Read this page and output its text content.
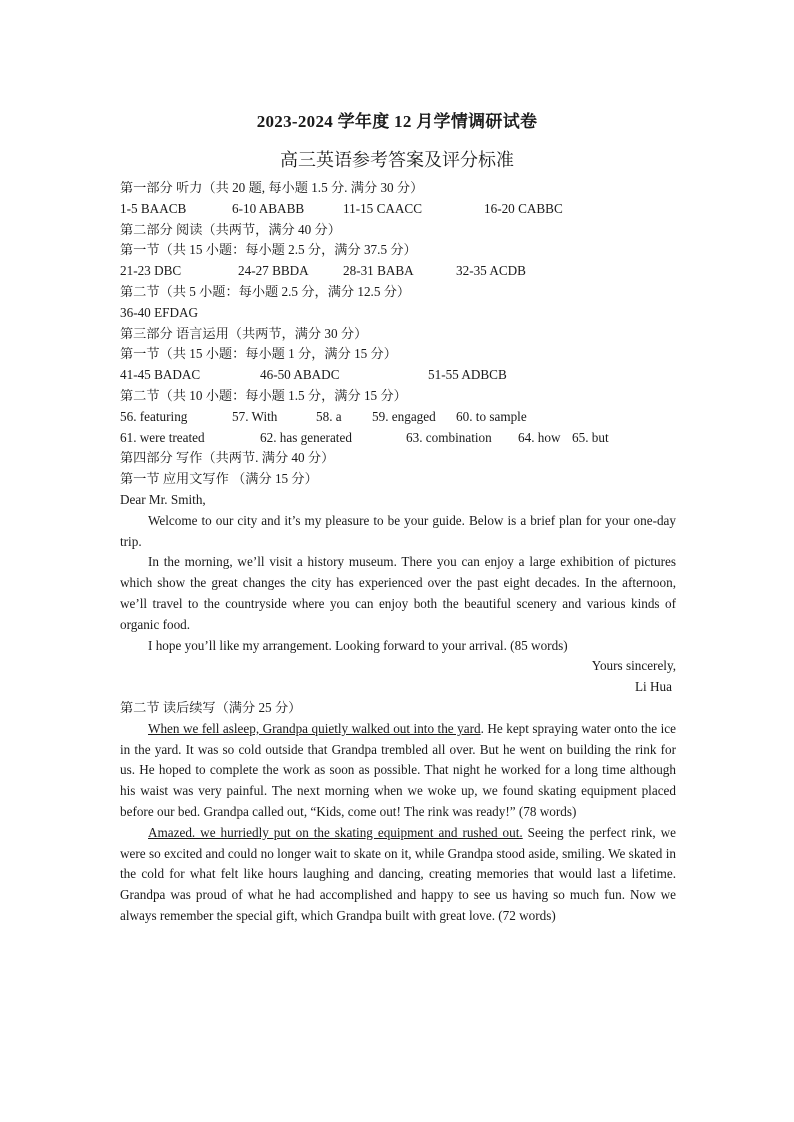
2023-2024 学年度 12 月学情调研试卷
高三英语参考答案及评分标准
第一部分 听力（共 20 题, 每小题 1.5 分. 满分 30 分）
1-5 BAACB	6-10 ABABB	11-15 CAACC	16-20 CABBC
第二部分 阅读（共两节，满分 40 分）
第一节（共 15 小题：每小题 2.5 分，满分 37.5 分）
21-23 DBC	24-27 BBDA	28-31 BABA	32-35 ACDB
第二节（共 5 小题：每小题 2.5 分，满分 12.5 分）
36-40 EFDAG
第三部分 语言运用（共两节，满分 30 分）
第一节（共 15 小题：每小题 1 分，满分 15 分）
41-45 BADAC	46-50 ABADC	51-55 ADBCB
第二节（共 10 小题：每小题 1.5 分，满分 15 分）
56. featuring	57. With	58. a 59. engaged 60. to sample
61. were treated	62. has generated	63. combination 64. how 65. but
第四部分 写作（共两节. 满分 40 分）
第一节 应用文写作 （满分 15 分）
Dear Mr. Smith,

Welcome to our city and it’s my pleasure to be your guide. Below is a brief plan for your one-day trip.

In the morning, we’ll visit a history museum. There you can enjoy a large exhibition of pictures which show the great changes the city has experienced over the past eight decades. In the afternoon, we’ll travel to the countryside where you can enjoy both the beautiful scenery and various kinds of organic food.

I hope you’ll like my arrangement. Looking forward to your arrival. (85 words)

Yours sincerely,
Li Hua
第二节 读后续写（满分 25 分）

When we fell asleep, Grandpa quietly walked out into the yard. He kept spraying water onto the ice in the yard. It was so cold outside that Grandpa trembled all over. But he went on building the rink for us. He hoped to complete the work as soon as possible. That night he worked for a long time although his waist was very painful. The next morning when we woke up, we found skating equipment placed before our bed. Grandpa called out, “Kids, come out! The rink was ready!” (78 words)

Amazed. we hurriedly put on the skating equipment and rushed out. Seeing the perfect rink, we were so excited and could no longer wait to skate on it, while Grandpa stood aside, smiling. We skated in the cold for what felt like hours laughing and dancing, creating memories that would last a lifetime. Grandpa was proud of what he had accomplished and happy to see us having so much fun. Now we always remember the special gift, which Grandpa built with great love. (72 words)
